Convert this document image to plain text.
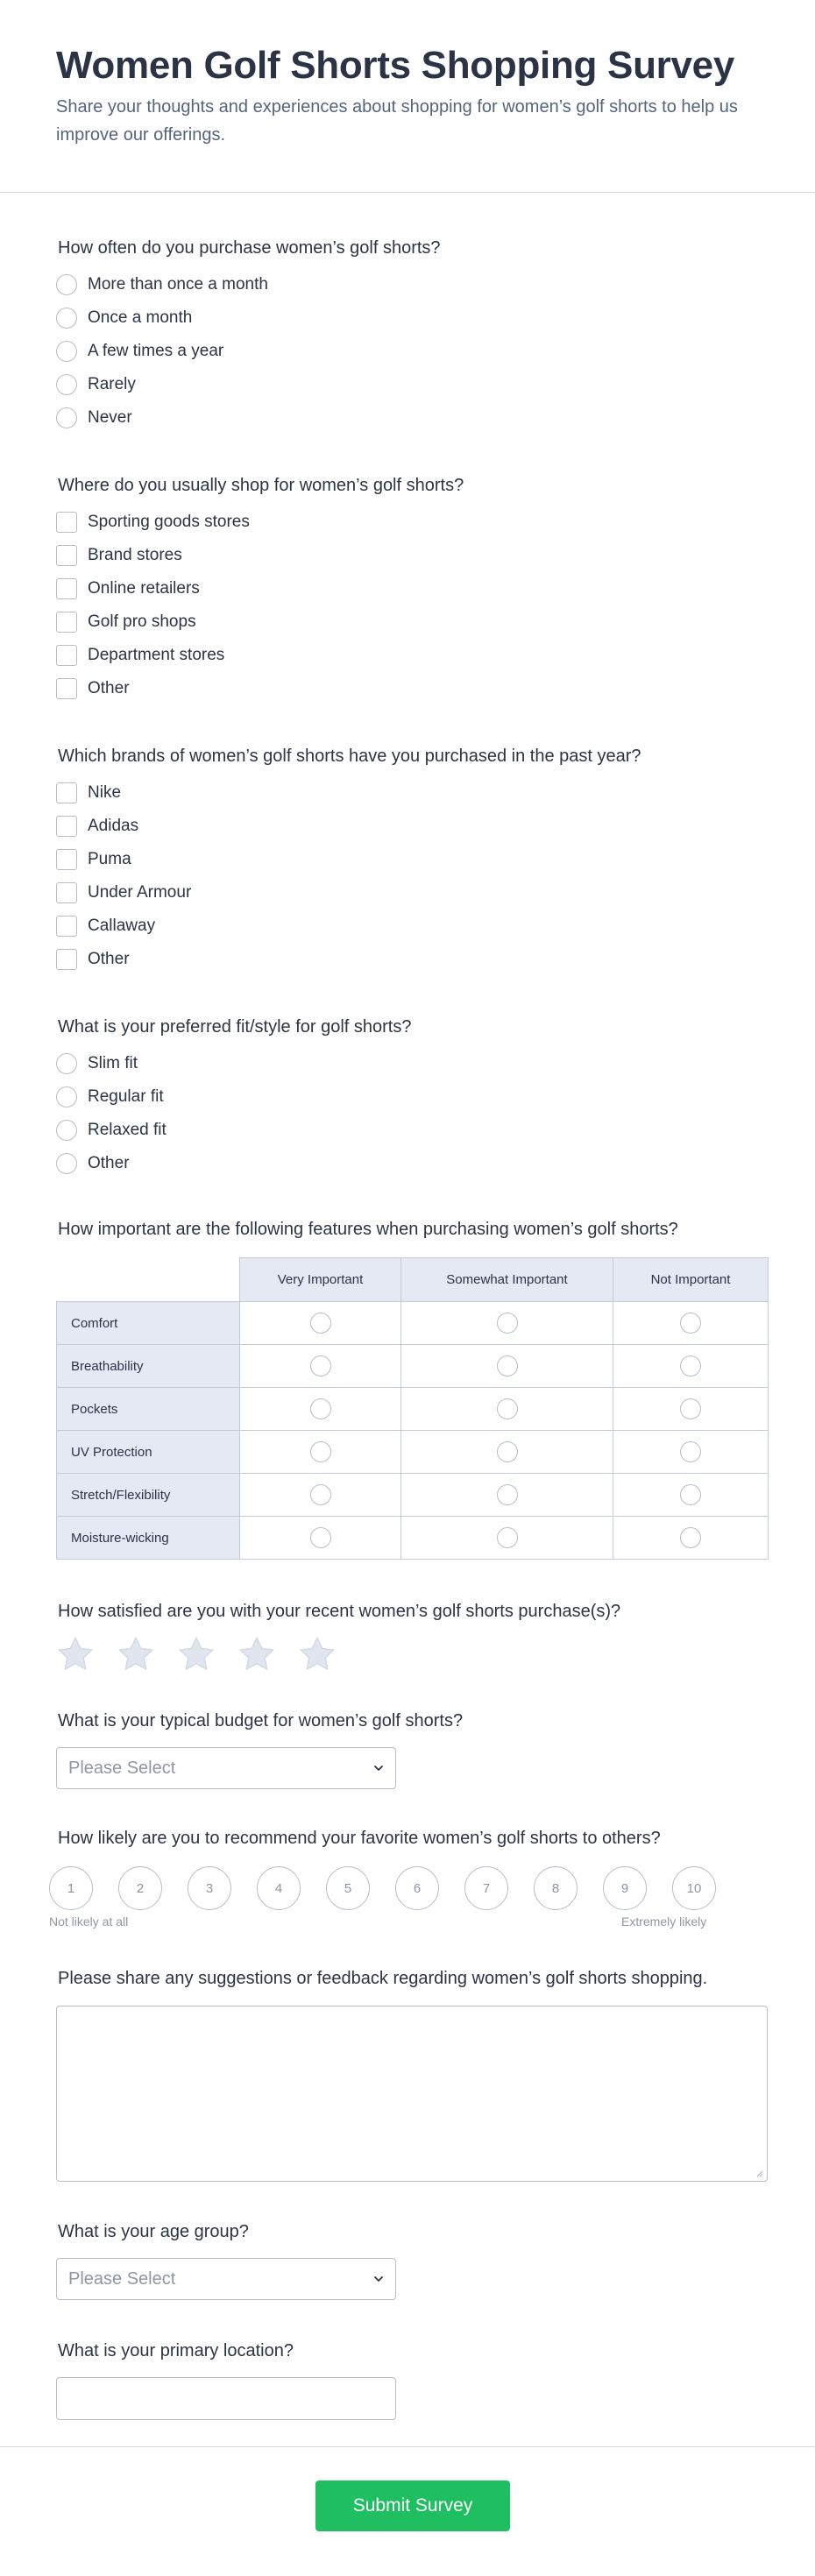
Women Golf Shorts Shopping Survey
Share your thoughts and experiences about shopping for women’s golf shorts to help us improve our offerings.
How often do you purchase women’s golf shorts?
More than once a month
Once a month
A few times a year
Rarely
Never
Where do you usually shop for women’s golf shorts?
Sporting goods stores
Brand stores
Online retailers
Golf pro shops
Department stores
Other
Which brands of women’s golf shorts have you purchased in the past year?
Nike
Adidas
Puma
Under Armour
Callaway
Other
What is your preferred fit/style for golf shorts?
Slim fit
Regular fit
Relaxed fit
Other
How important are the following features when purchasing women’s golf shorts?
	Very Important	Somewhat Important	Not Important
Comfort			
Breathability			
Pockets			
UV Protection			
Stretch/Flexibility			
Moisture-wicking			
How satisfied are you with your recent women’s golf shorts purchase(s)?
What is your typical budget for women’s golf shorts?
Please Select
How likely are you to recommend your favorite women’s golf shorts to others?
1	2	3	4	5	6	7	8	9	10
Not likely at all	Extremely likely
Please share any suggestions or feedback regarding women’s golf shorts shopping.
What is your age group?
Please Select
What is your primary location?
Submit Survey
